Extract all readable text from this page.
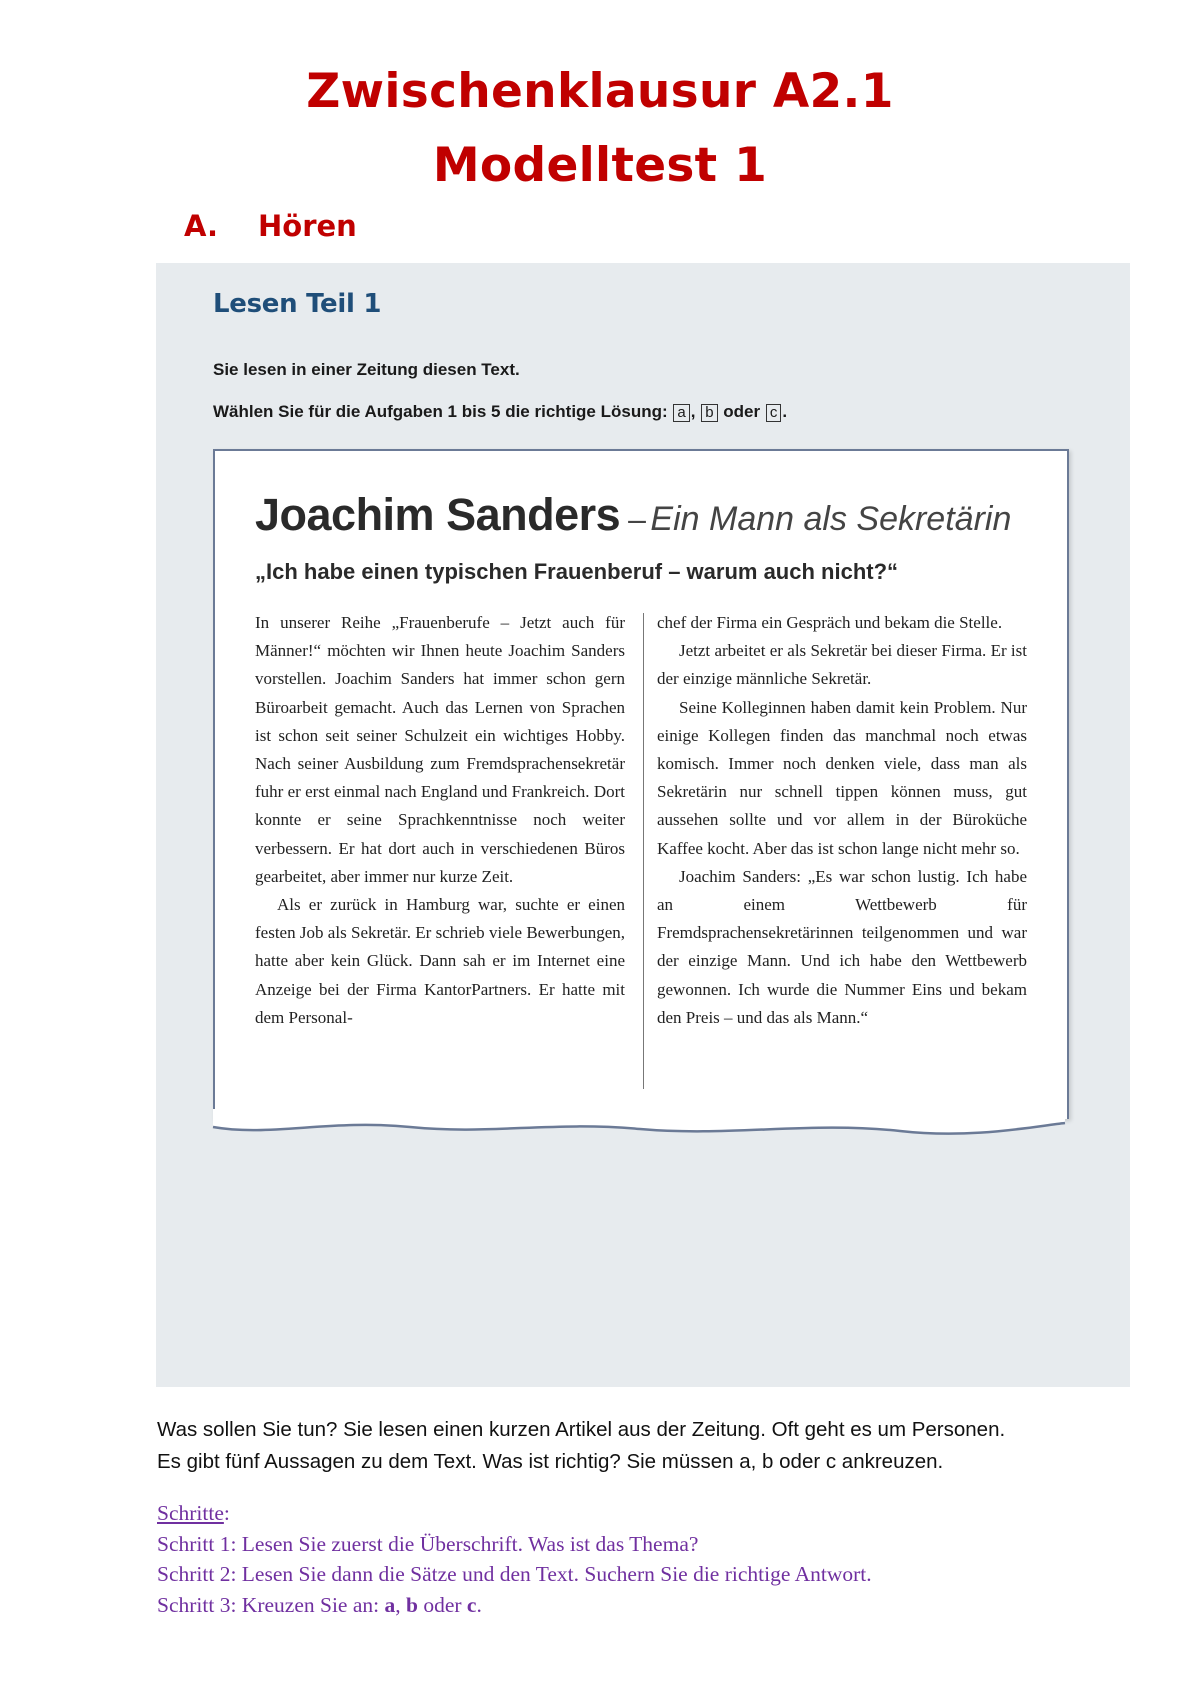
Zwischenklausur A2.1
Modelltest 1
A. Hören
Lesen Teil 1

Sie lesen in einer Zeitung diesen Text.

Wählen Sie für die Aufgaben 1 bis 5 die richtige Lösung: a , b oder c .

Joachim Sanders – Ein Mann als Sekretärin

„Ich habe einen typischen Frauenberuf – warum auch nicht?“

In unserer Reihe „Frauenberufe – Jetzt auch für Männer!“ möchten wir Ihnen heute Joachim Sanders vorstellen. Joachim Sanders hat immer schon gern Büroarbeit gemacht. Auch das Lernen von Sprachen ist schon seit seiner Schulzeit ein wichtiges Hobby. Nach seiner Ausbildung zum Fremdsprachensekretär fuhr er erst einmal nach England und Frankreich. Dort konnte er seine Sprachkenntnisse noch weiter verbessern. Er hat dort auch in verschiedenen Büros gearbeitet, aber immer nur kurze Zeit.

Als er zurück in Hamburg war, suchte er einen festen Job als Sekretär. Er schrieb viele Bewerbungen, hatte aber kein Glück. Dann sah er im Internet eine Anzeige bei der Firma KantorPartners. Er hatte mit dem Personal-

chef der Firma ein Gespräch und bekam die Stelle.

Jetzt arbeitet er als Sekretär bei dieser Firma. Er ist der einzige männliche Sekretär.

Seine Kolleginnen haben damit kein Problem. Nur einige Kollegen finden das manchmal noch etwas komisch. Immer noch denken viele, dass man als Sekretärin nur schnell tippen können muss, gut aussehen sollte und vor allem in der Büroküche Kaffee kocht. Aber das ist schon lange nicht mehr so.

Joachim Sanders: „Es war schon lustig. Ich habe an einem Wettbewerb für Fremdsprachensekretärinnen teilgenommen und war der einzige Mann. Und ich habe den Wettbewerb gewonnen. Ich wurde die Nummer Eins und bekam den Preis – und das als Mann.“

Was sollen Sie tun? Sie lesen einen kurzen Artikel aus der Zeitung. Oft geht es um Personen.

Es gibt fünf Aussagen zu dem Text. Was ist richtig? Sie müssen a, b oder c ankreuzen.

Schritte:
Schritt 1: Lesen Sie zuerst die Überschrift. Was ist das Thema?
Schritt 2: Lesen Sie dann die Sätze und den Text. Suchern Sie die richtige Antwort.
Schritt 3: Kreuzen Sie an: a, b oder c.
